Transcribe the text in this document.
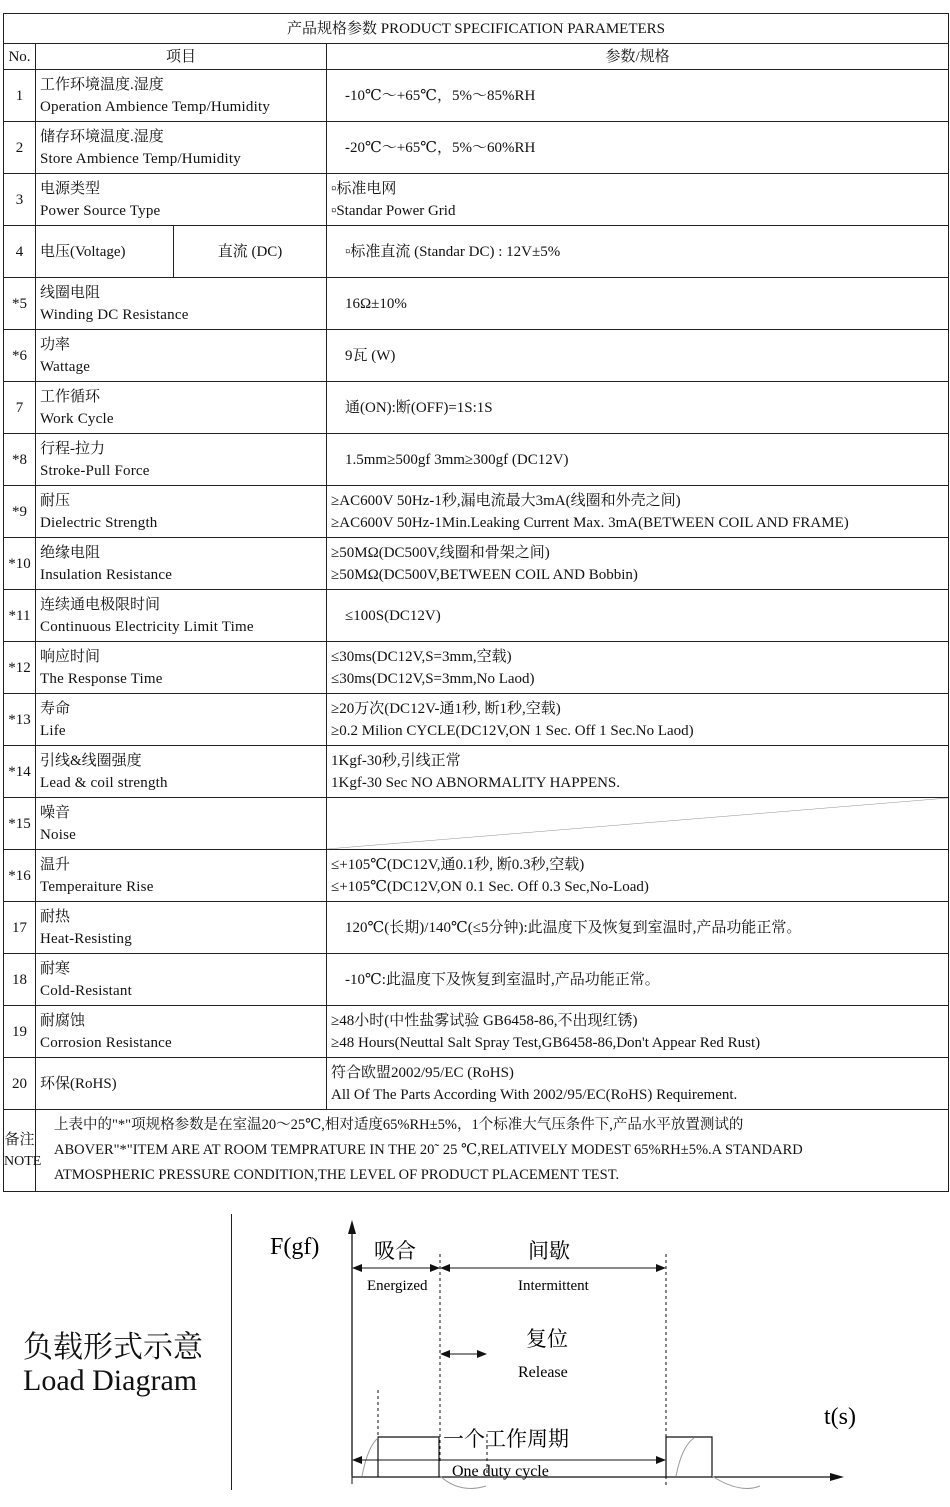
产品规格参数 PRODUCT SPECIFICATION PARAMETERS			
No.	项目		参数/规格
1	工作环境温度.湿度
Operation Ambience Temp/Humidity		-10℃～+65℃，5%～85%RH

2	储存环境温度.湿度
Store Ambience Temp/Humidity		-20℃～+65℃，5%～60%RH

3	电源类型
Power Source Type		▫标准电网
▫Standar Power Grid

4	电压(Voltage)	直流 (DC)	▫标准直流 (Standar DC) : 12V±5%

*5	线圈电阻
Winding DC Resistance		16Ω±10%

*6	功率
Wattage		9瓦 (W)

7	工作循环
Work Cycle		通(ON):断(OFF)=1S:1S

*8	行程-拉力
Stroke-Pull Force		1.5mm≥500gf 3mm≥300gf (DC12V)

*9	耐压
Dielectric Strength		≥AC600V 50Hz-1秒,漏电流最大3mA(线圈和外壳之间)
≥AC600V 50Hz-1Min.Leaking Current Max. 3mA(BETWEEN COIL AND FRAME)

*10	绝缘电阻
Insulation Resistance		≥50MΩ(DC500V,线圈和骨架之间)
≥50MΩ(DC500V,BETWEEN COIL AND Bobbin)

*11	连续通电极限时间
Continuous Electricity Limit Time		≤100S(DC12V)

*12	响应时间
The Response Time		≤30ms(DC12V,S=3mm,空载)
≤30ms(DC12V,S=3mm,No Laod)

*13	寿命
Life		≥20万次(DC12V-通1秒, 断1秒,空载)
≥0.2 Milion CYCLE(DC12V,ON 1 Sec. Off 1 Sec.No Laod)

*14	引线&线圈强度
Lead & coil strength		1Kgf-30秒,引线正常
1Kgf-30 Sec NO ABNORMALITY HAPPENS.

*15	噪音
Noise

*16	温升
Temperaiture Rise		≤+105℃(DC12V,通0.1秒, 断0.3秒,空载)
≤+105℃(DC12V,ON 0.1 Sec. Off 0.3 Sec,No-Load)

17	耐热
Heat-Resisting		120℃(长期)/140℃(≤5分钟):此温度下及恢复到室温时,产品功能正常。

18	耐寒
Cold-Resistant		-10℃:此温度下及恢复到室温时,产品功能正常。

19	耐腐蚀
Corrosion Resistance		≥48小时(中性盐雾试验 GB6458-86,不出现红锈)
≥48 Hours(Neuttal Salt Spray Test,GB6458-86,Don't Appear Red Rust)

20	环保(RoHS)		符合欧盟2002/95/EC (RoHS)
All Of The Parts According With 2002/95/EC(RoHS) Requirement.

备注
NOTE	上表中的"*"项规格参数是在室温20～25℃,相对适度65%RH±5%，1个标准大气压条件下,产品水平放置测试的
ABOVER"*"ITEM ARE AT ROOM TEMPRATURE IN THE 20˜ 25 ℃,RELATIVELY MODEST 65%RH±5%.A STANDARD
ATMOSPHERIC PRESSURE CONDITION,THE LEVEL OF PRODUCT PLACEMENT TEST.		
负载形式示意
Load Diagram
F(gf)
t(s)
吸合
Energized
间歇
Intermittent
复位
Release
一个工作周期
One duty cycle
